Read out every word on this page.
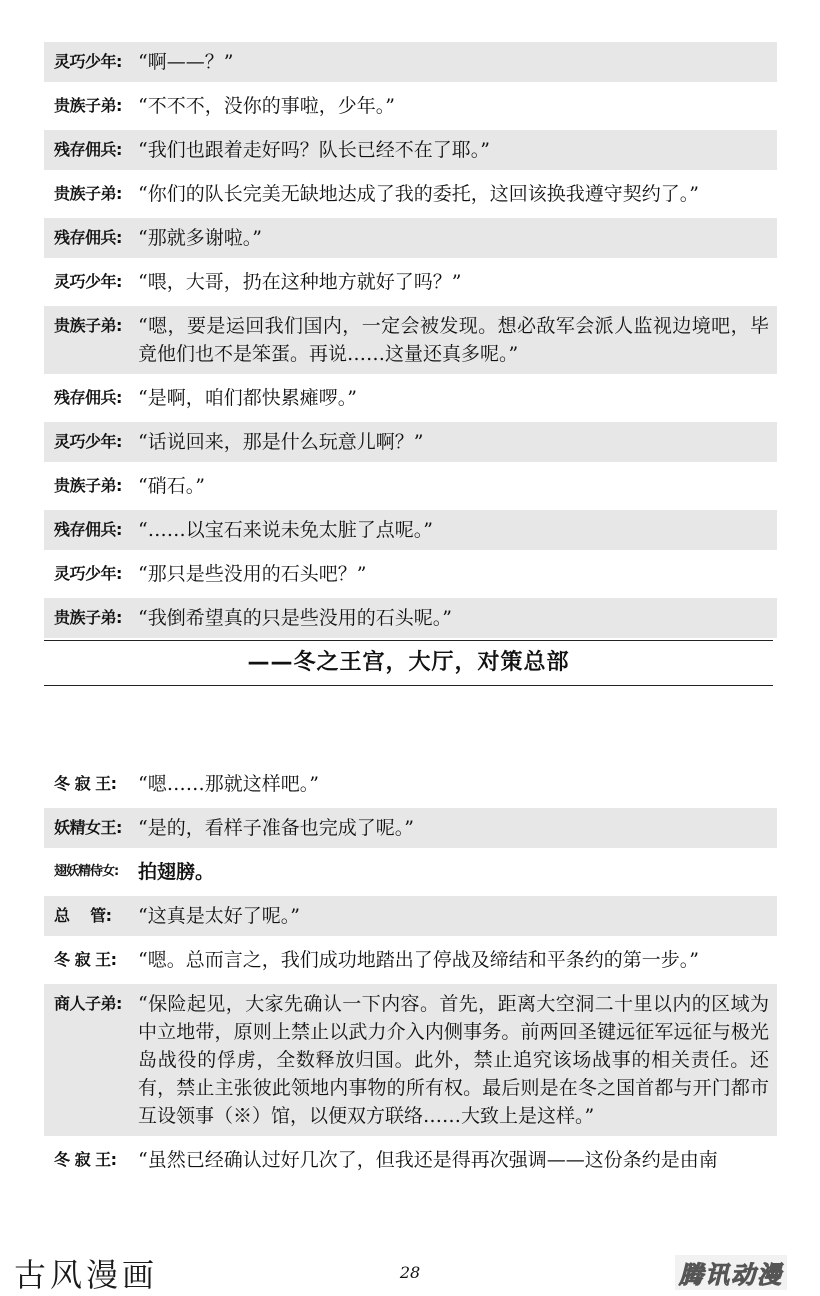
灵巧少年: “啊——？”
贵族子弟: “不不不，没你的事啦，少年。”
残存佣兵: “我们也跟着走好吗？队长已经不在了耶。”
贵族子弟: “你们的队长完美无缺地达成了我的委托，这回该换我遵守契约了。”
残存佣兵: “那就多谢啦。”
灵巧少年: “喂，大哥，扔在这种地方就好了吗？”
贵族子弟: “嗯，要是运回我们国内，一定会被发现。想必敌军会派人监视边境吧，毕竟他们也不是笨蛋。再说……这量还真多呢。”
残存佣兵: “是啊，咱们都快累瘫啰。”
灵巧少年: “话说回来，那是什么玩意儿啊？”
贵族子弟: “硝石。”
残存佣兵: “……以宝石来说未免太脏了点呢。”
灵巧少年: “那只是些没用的石头吧？”
贵族子弟: “我倒希望真的只是些没用的石头呢。”
——冬之王宫，大厅，对策总部
冬 寂 王:	“嗯……那就这样吧。”
妖精女王: “是的，看样子准备也完成了呢。”
翅妖精侍女:	拍翅膀。
总　 管:	“这真是太好了呢。”
冬 寂 王:	“嗯。总而言之，我们成功地踏出了停战及缔结和平条约的第一步。”
商人子弟: “保险起见，大家先确认一下内容。首先，距离大空洞二十里以内的区域为中立地带，原则上禁止以武力介入内侧事务。前两回圣键远征军远征与极光岛战役的俘虏，全数释放归国。此外，禁止追究该场战事的相关责任。还有，禁止主张彼此领地内事物的所有权。最后则是在冬之国首都与开门都市互设领事（※）馆，以便双方联络……大致上是这样。”
冬 寂 王:	“虽然已经确认过好几次了，但我还是得再次强调——这份条约是由南
古风漫画	28	腾讯动漫
